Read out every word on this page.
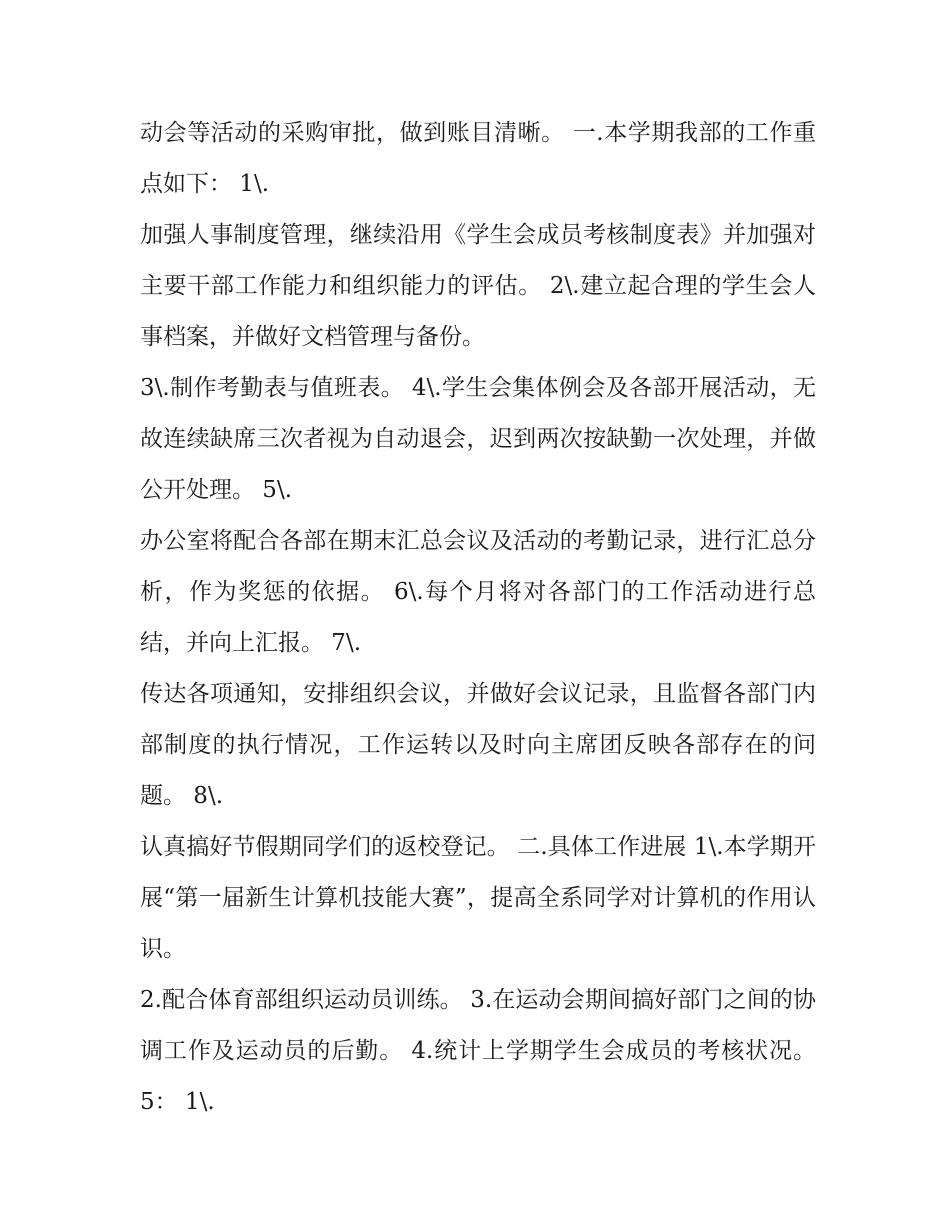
动会等活动的采购审批，做到账目清晰。 一.本学期我部的工作重点如下： 1\.

加强人事制度管理，继续沿用《学生会成员考核制度表》并加强对主要干部工作能力和组织能力的评估。 2\.建立起合理的学生会人事档案，并做好文档管理与备份。

3\.制作考勤表与值班表。 4\.学生会集体例会及各部开展活动，无故连续缺席三次者视为自动退会，迟到两次按缺勤一次处理，并做公开处理。 5\.

办公室将配合各部在期末汇总会议及活动的考勤记录，进行汇总分析，作为奖惩的依据。 6\.每个月将对各部门的工作活动进行总结，并向上汇报。 7\.

传达各项通知，安排组织会议，并做好会议记录，且监督各部门内部制度的执行情况，工作运转以及时向主席团反映各部存在的问题。 8\.

认真搞好节假期同学们的返校登记。 二.具体工作进展 1\.本学期开展“第一届新生计算机技能大赛”，提高全系同学对计算机的作用认识。

2.配合体育部组织运动员训练。 3.在运动会期间搞好部门之间的协调工作及运动员的后勤。 4.统计上学期学生会成员的考核状况。 5： 1\.
